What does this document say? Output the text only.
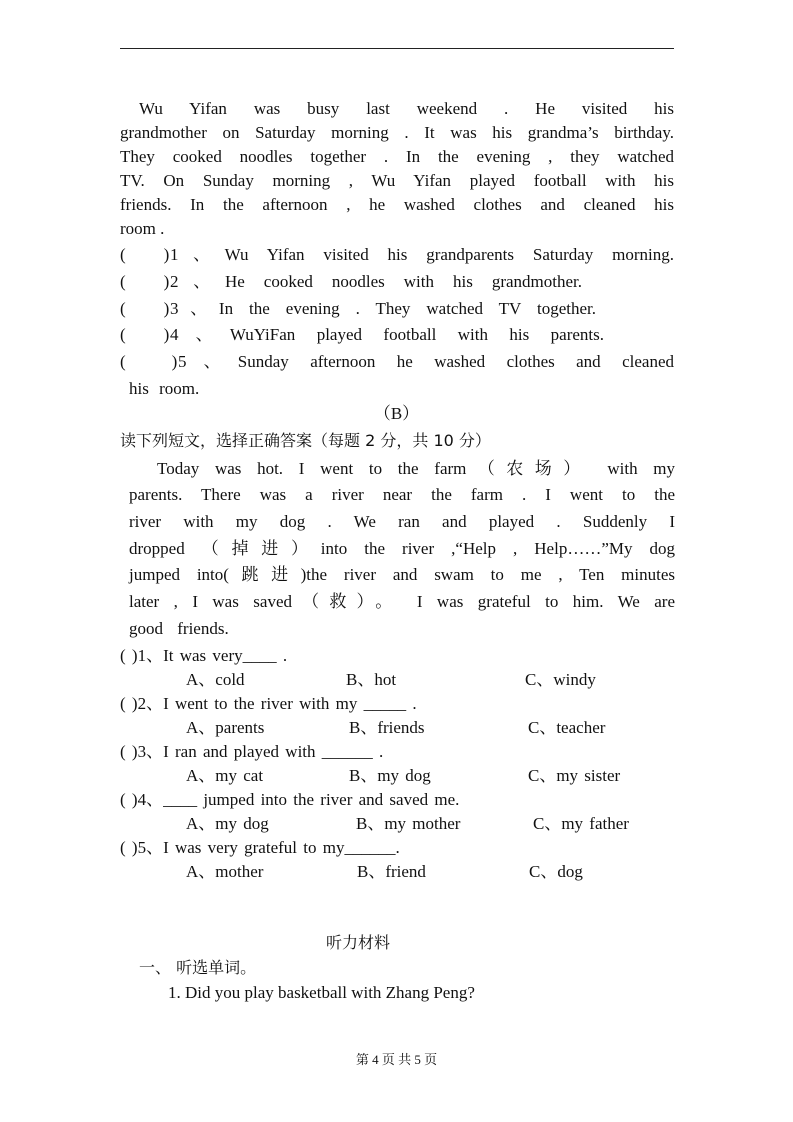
Wu Yifan was busy last weekend . He visited his
grandmother on Saturday morning . It was his grandma’s birthday.
They cooked noodles together . In the evening , they watched
TV. On Sunday morning , Wu Yifan played football with his
friends. In the afternoon , he washed clothes and cleaned his
room .
( ) 1、Wu Yifan visited his grandparents Saturday morning.
( ) 2、He cooked noodles with his grandmother.
( ) 3、In the evening . They watched TV together.
( ) 4、WuYiFan played football with his parents.
(	) 5、Sunday afternoon he washed clothes and cleaned
his room.
（B）
读下列短文，选择正确答案（每题 2 分，共 10 分）
Today was hot. I went to the farm（农场） with my
parents. There was a river near the farm . I went to the
river with my dog . We ran and played . Suddenly I
dropped （掉进）into the river ,“Help , Help……”My dog
jumped into(跳进)the river and swam to me , Ten minutes
later , I was saved（救）。 I was grateful to him. We are
good friends.
( )1、It was very____ .
A、cold	B、hot	C、windy
( )2、I went to the river with my _____ .
A、parents	B、friends	C、teacher
( )3、I ran and played with ______ .
A、my cat	B、my dog	C、my sister
( )4、____ jumped into the river and saved me.
A、my dog	B、my mother	C、my father
( )5、I was very grateful to my______.
A、mother	B、friend	C、dog
听力材料
一、 听选单词。
1. Did you play basketball with Zhang Peng?
第 4 页 共 5 页
